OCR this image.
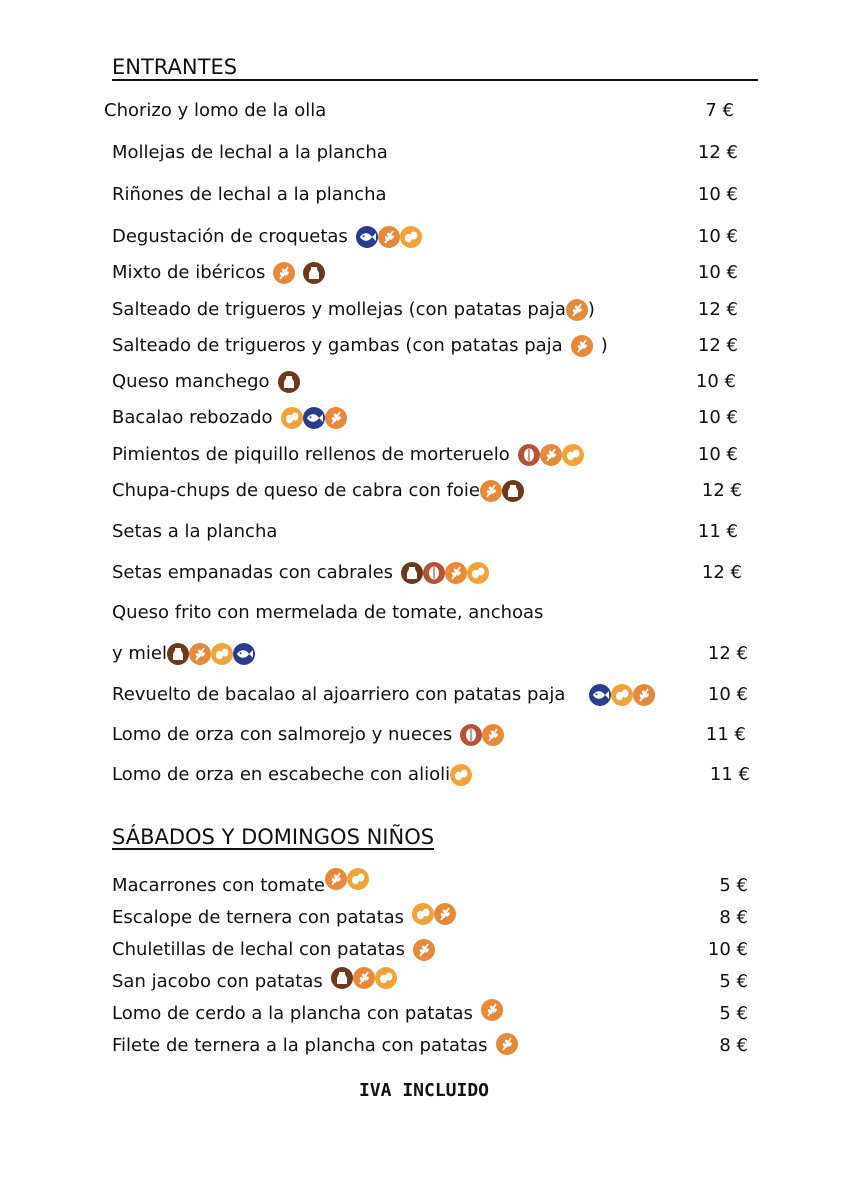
ENTRANTES
Chorizo y lomo de la olla	7 €
Mollejas de lechal a la plancha	12 €
Riñones de lechal a la plancha	10 €
Degustación de croquetas	10 €
Mixto de ibéricos	10 €
Salteado de trigueros y mollejas (con patatas paja )	12 €
Salteado de trigueros y gambas (con patatas paja )	12 €
Queso manchego	10 €
Bacalao rebozado	10 €
Pimientos de piquillo rellenos de morteruelo	10 €
Chupa-chups de queso de cabra con foie	12 €
Setas a la plancha	11 €
Setas empanadas con cabrales	12 €
Queso frito con mermelada de tomate, anchoas
y miel	12 €
Revuelto de bacalao al ajoarriero con patatas paja	10 €
Lomo de orza con salmorejo y nueces	11 €
Lomo de orza en escabeche con alioli	11 €
SÁBADOS Y DOMINGOS NIÑOS
Macarrones con tomate	5 €
Escalope de ternera con patatas	8 €
Chuletillas de lechal con patatas	10 €
San jacobo con patatas	5 €
Lomo de cerdo a la plancha con patatas	5 €
Filete de ternera a la plancha con patatas	8 €
IVA INCLUIDO
